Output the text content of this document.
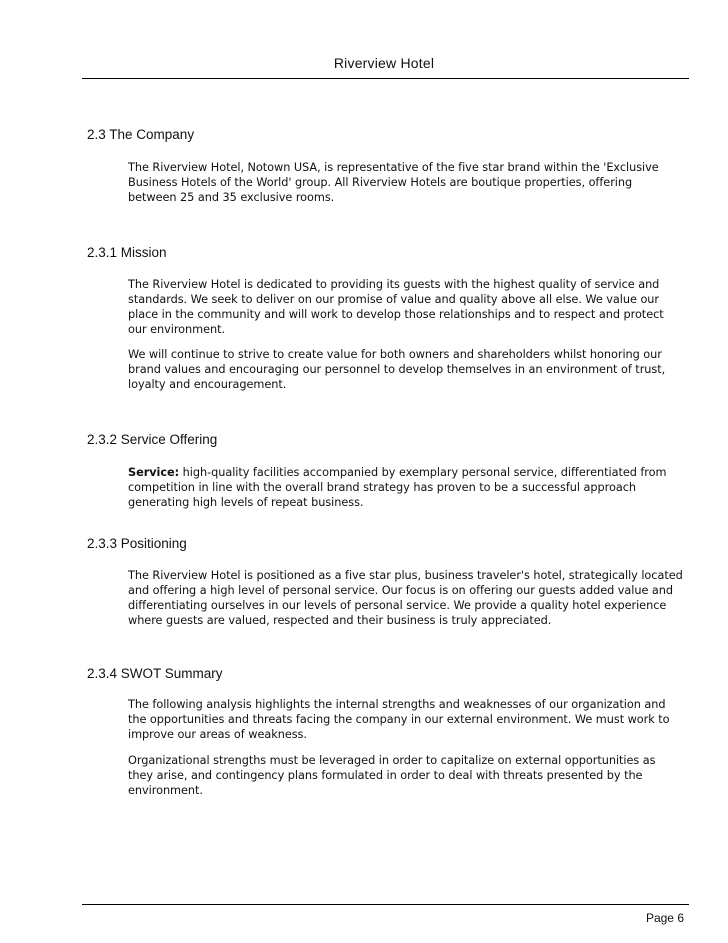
Riverview Hotel
2.3 The Company

The Riverview Hotel, Notown USA, is representative of the five star brand within the 'Exclusive Business Hotels of the World' group. All Riverview Hotels are boutique properties, offering between 25 and 35 exclusive rooms.

2.3.1 Mission

The Riverview Hotel is dedicated to providing its guests with the highest quality of service and standards. We seek to deliver on our promise of value and quality above all else. We value our place in the community and will work to develop those relationships and to respect and protect our environment.

We will continue to strive to create value for both owners and shareholders whilst honoring our brand values and encouraging our personnel to develop themselves in an environment of trust, loyalty and encouragement.

2.3.2 Service Offering

Service: high-quality facilities accompanied by exemplary personal service, differentiated from competition in line with the overall brand strategy has proven to be a successful approach generating high levels of repeat business.

2.3.3 Positioning

The Riverview Hotel is positioned as a five star plus, business traveler's hotel, strategically located and offering a high level of personal service. Our focus is on offering our guests added value and differentiating ourselves in our levels of personal service. We provide a quality hotel experience where guests are valued, respected and their business is truly appreciated.

2.3.4 SWOT Summary

The following analysis highlights the internal strengths and weaknesses of our organization and the opportunities and threats facing the company in our external environment. We must work to improve our areas of weakness.

Organizational strengths must be leveraged in order to capitalize on external opportunities as they arise, and contingency plans formulated in order to deal with threats presented by the environment.

Page 6
